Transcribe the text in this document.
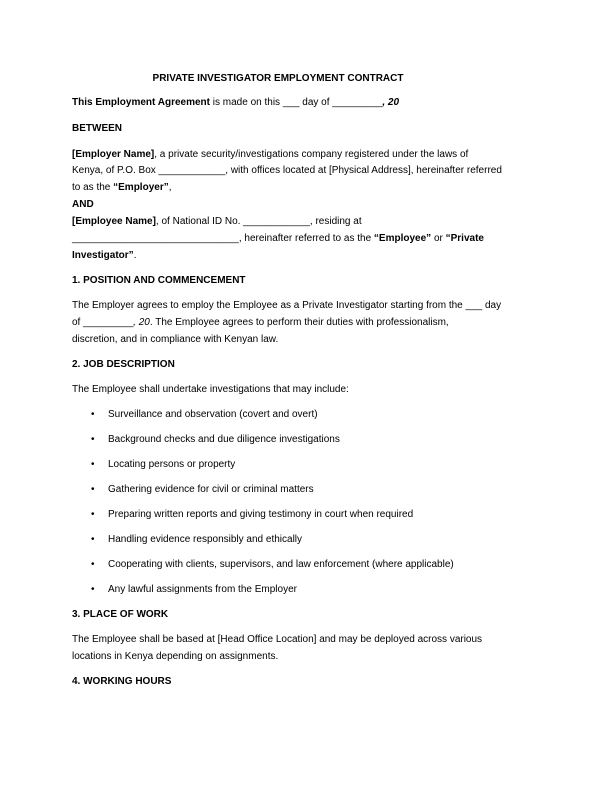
PRIVATE INVESTIGATOR EMPLOYMENT CONTRACT

This Employment Agreement is made on this ___ day of _________, 20

BETWEEN

[Employer Name], a private security/investigations company registered under the laws of

Kenya, of P.O. Box ____________, with offices located at [Physical Address], hereinafter referred

to as the “Employer”,

AND

[Employee Name], of National ID No. ____________, residing at

______________________________, hereinafter referred to as the “Employee” or “Private

Investigator”.

1. POSITION AND COMMENCEMENT

The Employer agrees to employ the Employee as a Private Investigator starting from the ___ day

of _________, 20. The Employee agrees to perform their duties with professionalism,

discretion, and in compliance with Kenyan law.

2. JOB DESCRIPTION

The Employee shall undertake investigations that may include:

• Surveillance and observation (covert and overt)
• Background checks and due diligence investigations
• Locating persons or property
• Gathering evidence for civil or criminal matters
• Preparing written reports and giving testimony in court when required
• Handling evidence responsibly and ethically
• Cooperating with clients, supervisors, and law enforcement (where applicable)
• Any lawful assignments from the Employer

3. PLACE OF WORK

The Employee shall be based at [Head Office Location] and may be deployed across various

locations in Kenya depending on assignments.

4. WORKING HOURS
